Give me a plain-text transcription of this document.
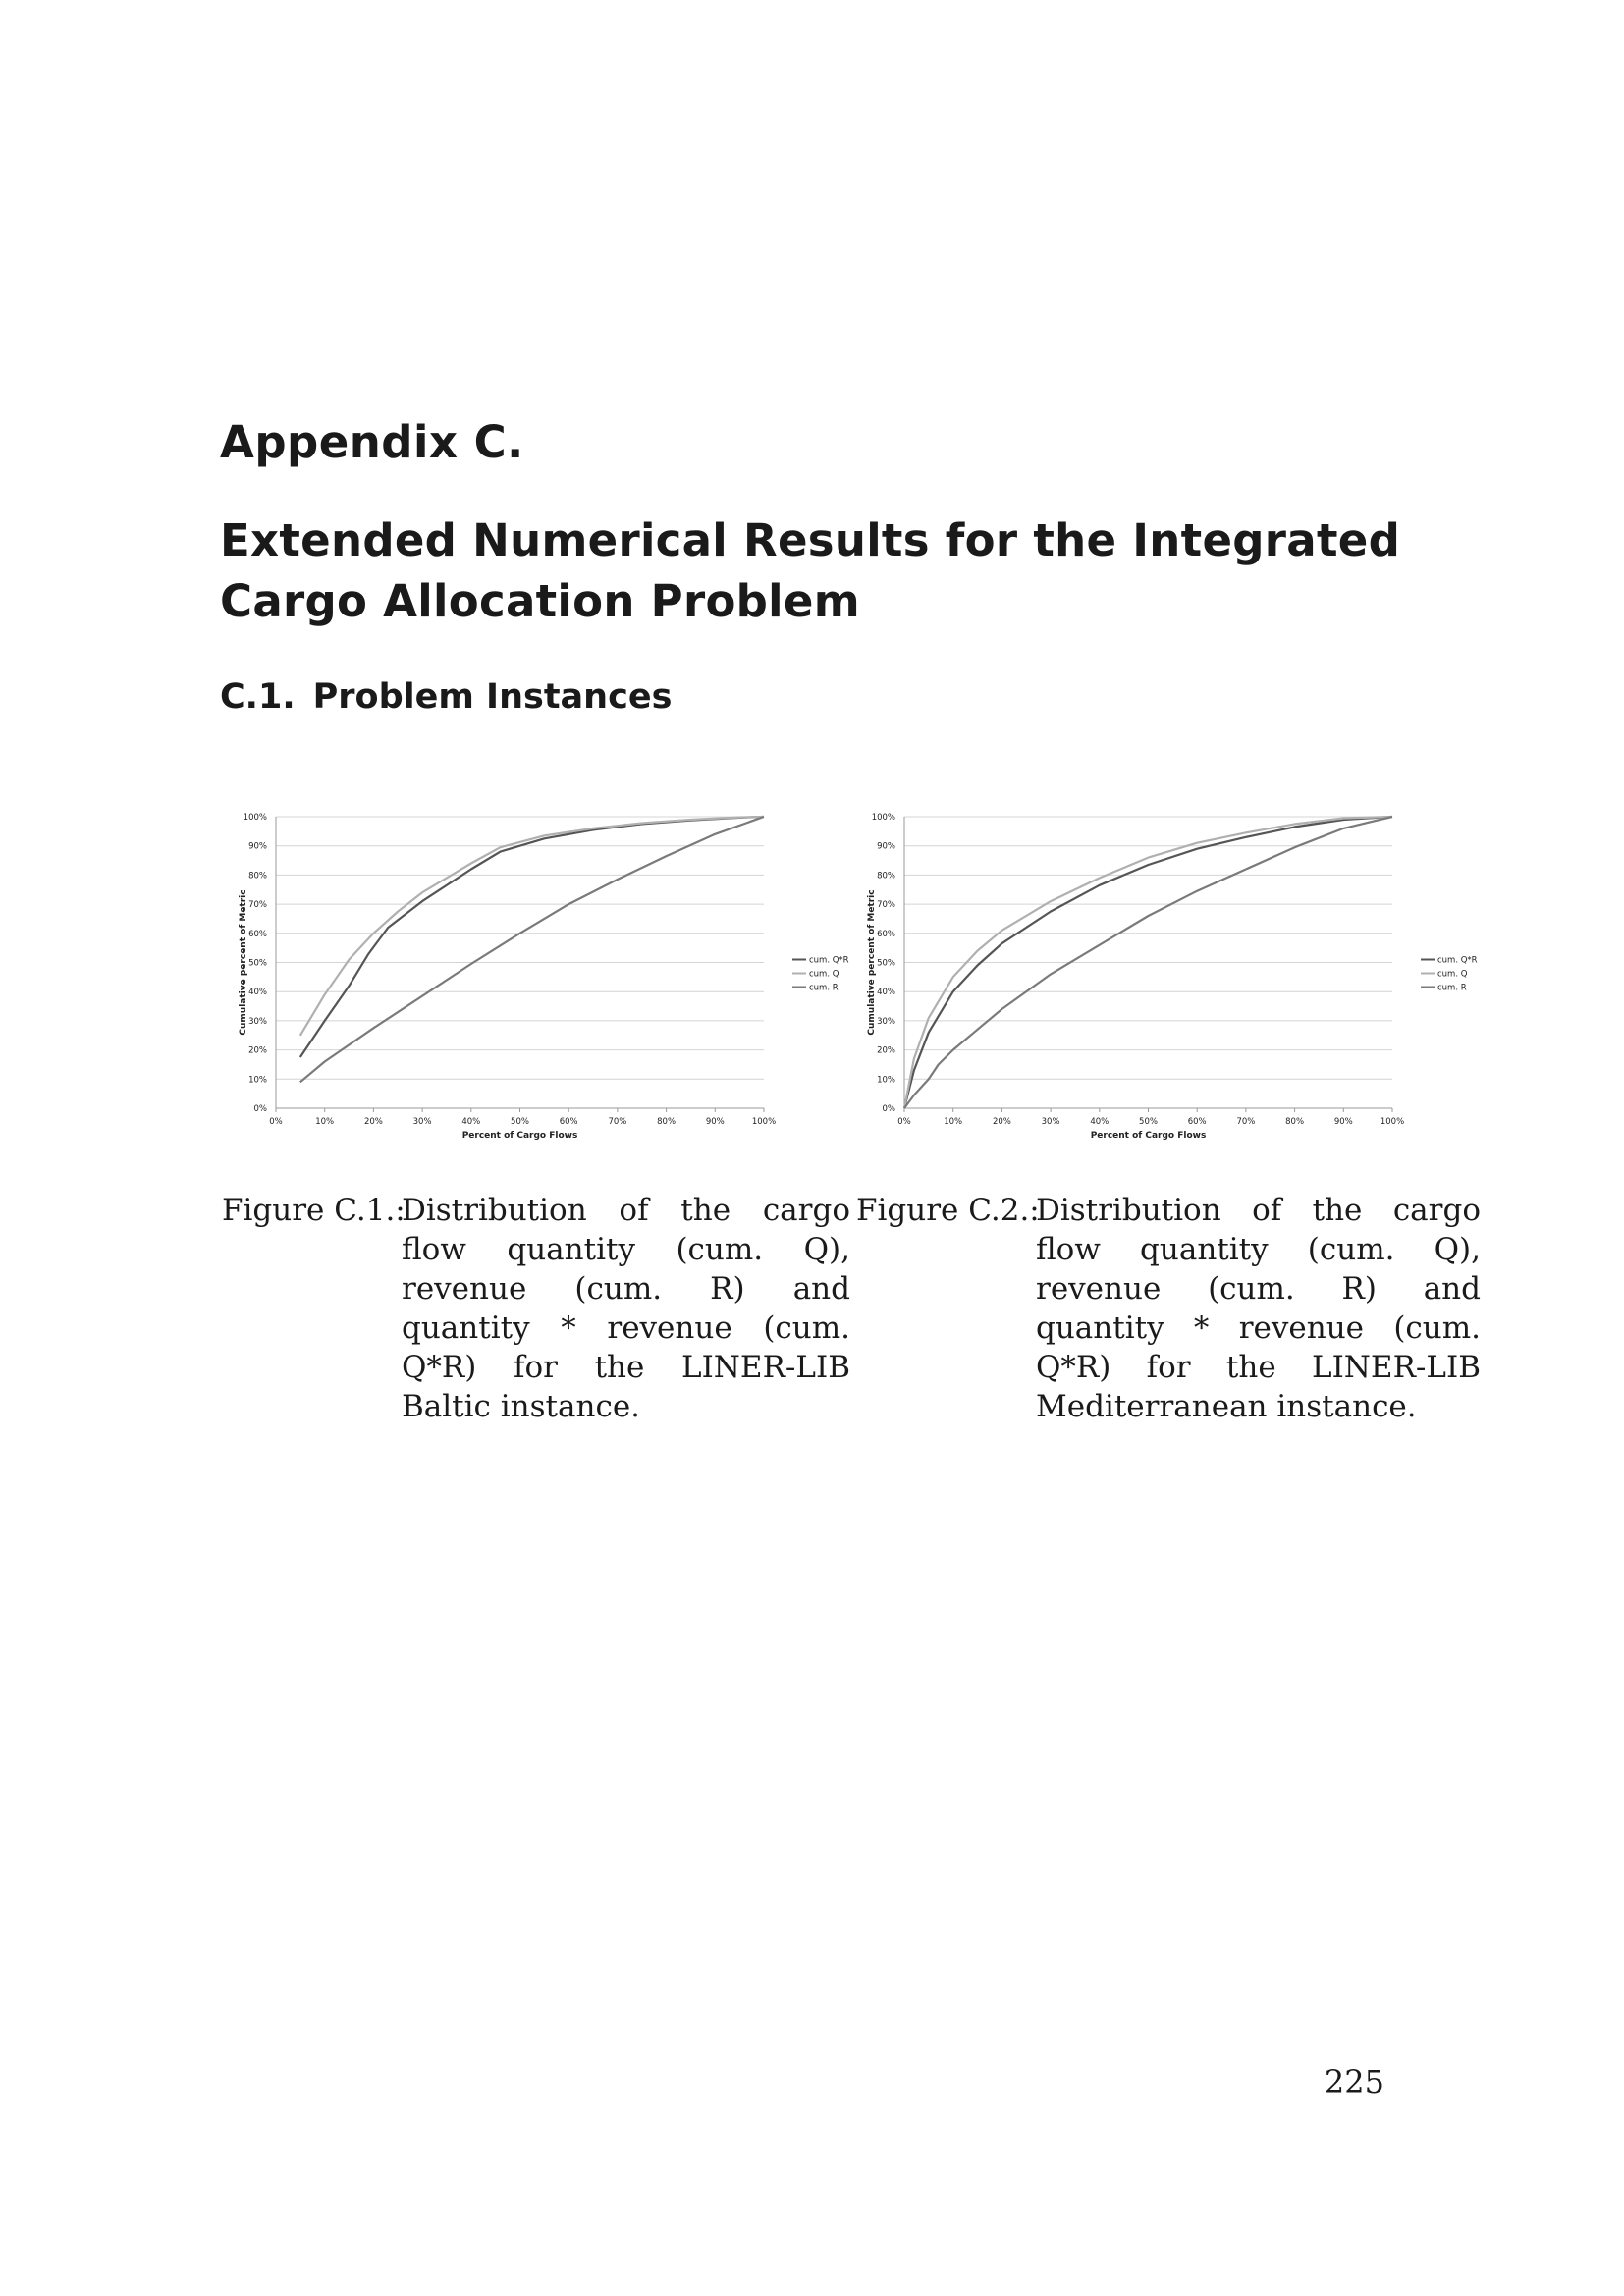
Appendix C.
Extended Numerical Results for the Integrated Cargo Allocation Problem
C.1. Problem Instances
0%
10%
20%
30%
40%
50%
60%
70%
80%
90%
100%
0%	10%	20%	30%	40%	50%	60%	70%	80%	90%	100%
Percent of Cargo Flows
Cumulative percent of Metric	cum. Q*R
cum. Q
cum. R
0%
10%
20%
30%
40%
50%
60%
70%
80%
90%
100%
0%	10%	20%	30%	40%	50%	60%	70%	80%	90%	100%
Percent of Cargo Flows
Cumulative percent of Metric	cum. Q*R
cum. Q
cum. R
Figure C.1.:
Distribution of the cargo flow quantity (cum. Q), revenue (cum. R) and quantity * revenue (cum. Q*R) for the LINER-LIB Baltic instance.
Figure C.2.:
Distribution of the cargo flow quantity (cum. Q), revenue (cum. R) and quantity * revenue (cum. Q*R) for the LINER-LIB Mediterranean instance.
225
